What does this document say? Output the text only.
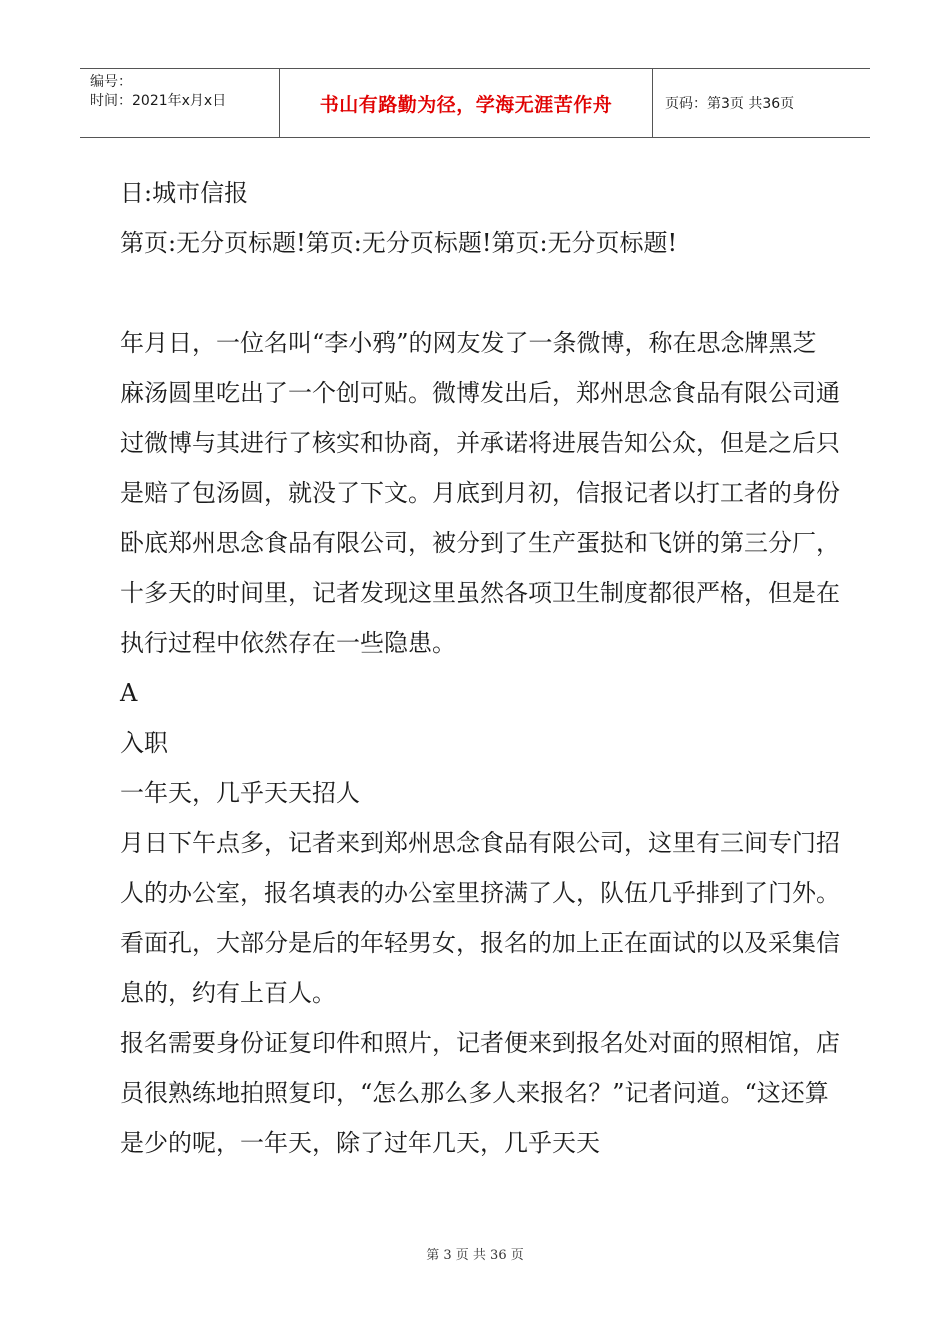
编号：
时间：2021年x月x日	书山有路勤为径，学海无涯苦作舟	页码：第3页 共36页

日:城市信报

第页:无分页标题!第页:无分页标题!第页:无分页标题!

年月日，一位名叫“李小鸦”的网友发了一条微博，称在思念牌黑芝麻汤圆里吃出了一个创可贴。微博发出后，郑州思念食品有限公司通过微博与其进行了核实和协商，并承诺将进展告知公众，但是之后只是赔了包汤圆，就没了下文。月底到月初，信报记者以打工者的身份卧底郑州思念食品有限公司，被分到了生产蛋挞和飞饼的第三分厂，十多天的时间里，记者发现这里虽然各项卫生制度都很严格，但是在执行过程中依然存在一些隐患。

A

入职

一年天，几乎天天招人

月日下午点多，记者来到郑州思念食品有限公司，这里有三间专门招人的办公室，报名填表的办公室里挤满了人，队伍几乎排到了门外。看面孔，大部分是后的年轻男女，报名的加上正在面试的以及采集信息的，约有上百人。

报名需要身份证复印件和照片，记者便来到报名处对面的照相馆，店员很熟练地拍照复印，“怎么那么多人来报名？”记者问道。“这还算是少的呢，一年天，除了过年几天，几乎天天

第 3 页 共 36 页
